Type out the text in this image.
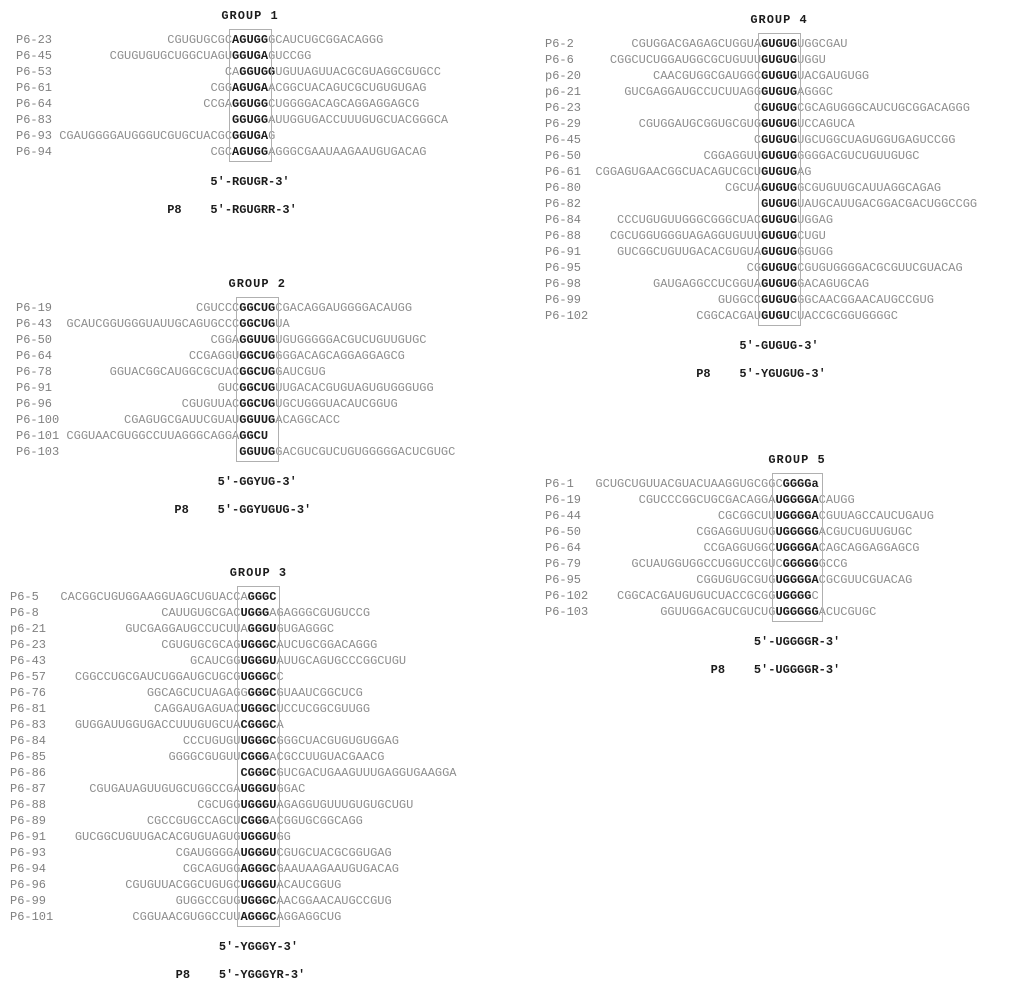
GROUP 1
P6-23                CGUGUGCGCAGUGGGCAUCUGCGGACAGGG
P6-45        CGUGUGUGCUGGCUAGUGGUGAGUCCGG
P6-53                        CAGGUGGUGUUAGUUACGCGUAGGCGUGCC
P6-61                      CGGAGUGAACGGCUACAGUCGCUGUGUGAG
P6-64                     CCGAGGUGGCUGGGGACAGCAGGAGGAGCG
P6-83	GGUGGAUUGGUGACCUUUGUGCUACGGGCA
P6-93 CGAUGGGGAUGGGUCGUGCUACGCGGUGAG
P6-94                      CGCAGUGGAGGGCGAAUAAGAAUGUGACAG
5'-RGUGR-3'
P8 5'-RGUGRR-3'
GROUP 2
P6-19                    CGUCCCGGCUGCGACAGGAUGGGGACAUGG
P6-43  GCAUCGGUGGGUAUUGCAGUGCCCGGCUGUA
P6-50                      CGGAGGUUGUGUGGGGGACGUCUGUUGUGC
P6-64                   CCGAGGUGGCUGGGGACAGCAGGAGGAGCG
P6-78        GGUACGGCAUGGCGCUACGGCUGGAUCGUG
P6-91                       GUCGGCUGUUGACACGUGUAGUGUGGGUGG
P6-96                  CGUGUUACGGCUGUGCUGGGUACAUCGGUG
P6-100         CGAGUGCGAUUCGUAUGGUUGACAGGCACC
P6-101 CGGUAACGUGGCCUUAGGGCAGGAGGCU
P6-103	GGUUGGACGUCGUCUGUGGGGGACUCGUGC
5'-GGYUG-3'
P8 5'-GGYUGUG-3'
GROUP 3
P6-5   CACGGCUGUGGAAGGUAGCUGUACCAGGGC
P6-8                 CAUUGUGCGACUGGGAGAGGGCGUGUCCG
p6-21           GUCGAGGAUGCCUCUUAGGGUGUGAGGGC
P6-23                CGUGUGCGCAGUGGGCAUCUGCGGACAGGG
P6-43                    GCAUCGGUGGGUAUUGCAGUGCCCGGCUGU
P6-57    CGGCCUGCGAUCUGGAUGCUGCGUGGGCC
P6-76              GGCAGCUCUAGAGGGGGCGUAAUCGGCUCG
P6-81               CAGGAUGAGUACUGGGCUCCUCGGCGUUGG
P6-83    GUGGAUUGGUGACCUUUGUGCUACGGGCA
P6-84                   CCCUGUGUUGGGCGGGCUACGUGUGUGGAG
P6-85                 GGGGCGUGUUCGGGACGCCUUGUACGAACG
P6-86	CGGGCGUCGACUGAAGUUUGAGGUGAAGGA
P6-87      CGUGAUAGUUGUGCUGGCCGAUGGGUGGAC
P6-88                     CGCUGGUGGGUAGAGGUGUUUGUGUGCUGU
P6-89              CGCCGUGCCAGCUCGGGACGGUGCGGCAGG
P6-91    GUCGGCUGUUGACACGUGUAGUGUGGGUGG
P6-93                  CGAUGGGGAUGGGUCGUGCUACGCGGUGAG
P6-94                   CGCAGUGGAGGGCGAAUAAGAAUGUGACAG
P6-96           CGUGUUACGGCUGUGCUGGGUACAUCGGUG
P6-99                  GUGGCCGUGUGGGCAACGGAACAUGCCGUG
P6-101           CGGUAACGUGGCCUUAGGGCAGGAGGCUG
5'-YGGGY-3'
P8 5'-YGGGYR-3'
GROUP 4
P6-2        CGUGGACGAGAGCUGGUAGUGUGUGGCGAU
P6-6     CGGCUCUGGAUGGCGCUGUUUGUGUGUGGU
p6-20          CAACGUGGCGAUGGCGUGUGUACGAUGUGG
p6-21      GUCGAGGAUGCCUCUUAGGGUGUGAGGGC
P6-23                        CGUGUGCGCAGUGGGCAUCUGCGGACAGGG
P6-29        CGUGGAUGCGGUGCGUGGUGUGUCCAGUCA
P6-45                        CGUGUGUGCUGGCUAGUGGUGAGUCCGG
P6-50                 CGGAGGUUGUGUGGGGGACGUCUGUUGUGC
P6-61  CGGAGUGAACGGCUACAGUCGCUGUGUGAG
P6-80                    CGCUAGUGUGGCGUGUUGCAUUAGGCAGAG
P6-82	GUGUGUAUGCAUUGACGGACGACUGGCCGG
P6-84     CCCUGUGUUGGGCGGGCUACGUGUGUGGAG
P6-88    CGCUGGUGGGUAGAGGUGUUUGUGUGCUGU
P6-91     GUCGGCUGUUGACACGUGUAGUGUGGGUGG
P6-95                       CGGUGUGCGUGUGGGGACGCGUUCGUACAG
P6-98          GAUGAGGCCUCGGUAGUGUGGACAGUGCAG
P6-99                   GUGGCCGUGUGGGCAACGGAACAUGCCGUG
P6-102               CGGCACGAUGUGUCUACCGCGGUGGGGC
5'-GUGUG-3'
P8 5'-YGUGUG-3'
GROUP 5
P6-1   GCUGCUGUUACGUACUAAGGUGCGGCGGGGa
P6-19        CGUCCCGGCUGCGACAGGAUGGGGACAUGG
P6-44                   CGCGGCUUUGGGGACGUUAGCCAUCUGAUG
P6-50                CGGAGGUUGUGUGGGGGACGUCUGUUGUGC
P6-64                 CCGAGGUGGCUGGGGACAGCAGGAGGAGCG
P6-79       GCUAUGGUGGCCUGGUCCGUCGGGGGGCCG
P6-95                CGGUGUGCGUGUGGGGACGCGUUCGUACAG
P6-102    CGGCACGAUGUGUCUACCGCGGUGGGGC
P6-103          GGUUGGACGUCGUCUGUGGGGGACUCGUGC
5'-UGGGGR-3'
P8 5'-UGGGGR-3'
